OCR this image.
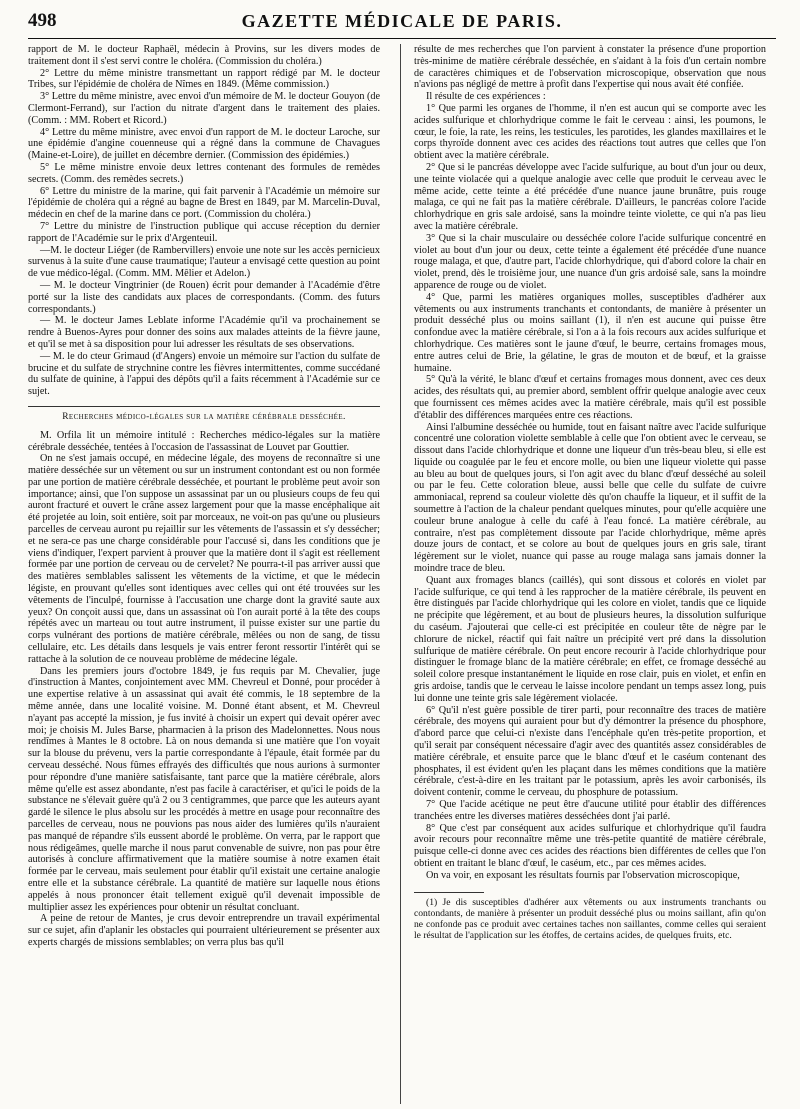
498	GAZETTE MÉDICALE DE PARIS.

rapport de M. le docteur Raphaël, médecin à Provins, sur les divers modes de traitement dont il s'est servi contre le choléra. (Commission du choléra.)

2° Lettre du même ministre transmettant un rapport rédigé par M. le docteur Tribes, sur l'épidémie de choléra de Nîmes en 1849. (Même commission.)

3° Lettre du même ministre, avec envoi d'un mémoire de M. le docteur Gouyon (de Clermont-Ferrand), sur l'action du nitrate d'argent dans le traitement des plaies. (Comm. : MM. Robert et Ricord.)

4° Lettre du même ministre, avec envoi d'un rapport de M. le docteur Laroche, sur une épidémie d'angine couenneuse qui a régné dans la commune de Chavagues (Maine-et-Loire), de juillet en décembre dernier. (Commission des épidémies.)

5° Le même ministre envoie deux lettres contenant des formules de remèdes secrets. (Comm. des remèdes secrets.)

6° Lettre du ministre de la marine, qui fait parvenir à l'Académie un mémoire sur l'épidémie de choléra qui a régné au bagne de Brest en 1849, par M. Marcelin-Duval, médecin en chef de la marine dans ce port. (Commission du choléra.)

7° Lettre du ministre de l'instruction publique qui accuse réception du dernier rapport de l'Académie sur le prix d'Argenteuil.

—M. le docteur Liéger (de Rambervillers) envoie une note sur les accès pernicieux survenus à la suite d'une cause traumatique; l'auteur a envisagé cette question au point de vue médico-légal. (Comm. MM. Mêlier et Adelon.)

— M. le docteur Vingtrinier (de Rouen) écrit pour demander à l'Académie d'être porté sur la liste des candidats aux places de correspondants. (Comm. des futurs correspondants.)

— M. le docteur James Leblate informe l'Académie qu'il va prochainement se rendre à Buenos-Ayres pour donner des soins aux malades atteints de la fièvre jaune, et qu'il se met à sa disposition pour lui adresser les résultats de ses observations.

— M. le do cteur Grimaud (d'Angers) envoie un mémoire sur l'action du sulfate de brucine et du sulfate de strychnine contre les fièvres intermittentes, comme succédané du sulfate de quinine, à l'appui des dépôts qu'il a faits récemment à l'Académie sur ce sujet.

Recherches médico-légales sur la matière cérébrale desséchée.

M. Orfila lit un mémoire intitulé : Recherches médico-légales sur la matière cérébrale desséchée, tentées à l'occasion de l'assassinat de Louvet par Gouttier.

On ne s'est jamais occupé, en médecine légale, des moyens de reconnaître si une matière desséchée sur un vêtement ou sur un instrument contondant est ou non formée par une portion de matière cérébrale desséchée, et pourtant le problème peut avoir son importance; ainsi, que l'on suppose un assassinat par un ou plusieurs coups de feu qui auront fracturé et ouvert le crâne assez largement pour que la masse encéphalique ait été projetée au loin, soit entière, soit par morceaux, ne voit-on pas qu'une ou plusieurs parcelles de cerveau auront pu rejaillir sur les vêtements de l'assassin et s'y dessécher; et ne sera-ce pas une charge considérable pour l'accusé si, dans les conditions que je viens d'indiquer, l'expert parvient à prouver que la matière dont il s'agit est réellement formée par une portion de cerveau ou de cervelet? Ne pourra-t-il pas arriver aussi que des matières semblables salissent les vêtements de la victime, et que le médecin légiste, en prouvant qu'elles sont identiques avec celles qui ont été trouvées sur les vêtements de l'inculpé, fournisse à l'accusation une charge dont la gravité saute aux yeux? On conçoit aussi que, dans un assassinat où l'on aurait porté à la tête des coups répétés avec un marteau ou tout autre instrument, il puisse exister sur une partie du corps vulnérant des portions de matière cérébrale, mêlées ou non de sang, de tissu cellulaire, etc. Les détails dans lesquels je vais entrer feront ressortir l'intérêt qui se rattache à la solution de ce nouveau problème de médecine légale.

Dans les premiers jours d'octobre 1849, je fus requis par M. Chevalier, juge d'instruction à Mantes, conjointement avec MM. Chevreul et Donné, pour procéder à une expertise relative à un assassinat qui avait été commis, le 18 septembre de la même année, dans une localité voisine. M. Donné étant absent, et M. Chevreul n'ayant pas accepté la mission, je fus invité à choisir un expert qui devait opérer avec moi; je choisis M. Jules Barse, pharmacien à la prison des Madelonnettes. Nous nous rendîmes à Mantes le 8 octobre. Là on nous demanda si une matière que l'on voyait sur la blouse du prévenu, vers la partie correspondante à l'épaule, était formée par du cerveau desséché. Nous fûmes effrayés des difficultés que nous aurions à surmonter pour répondre d'une manière satisfaisante, tant parce que la matière cérébrale, alors même qu'elle est assez abondante, n'est pas facile à caractériser, et qu'ici le poids de la substance ne s'élevait guère qu'à 2 ou 3 centigrammes, que parce que les auteurs ayant gardé le silence le plus absolu sur les procédés à mettre en usage pour reconnaître des parcelles de cerveau, nous ne pouvions pas nous aider des lumières qu'ils n'auraient pas manqué de répandre s'ils eussent abordé le problème. On verra, par le rapport que nous rédigeâmes, quelle marche il nous parut convenable de suivre, non pas pour être autorisés à conclure affirmativement que la matière soumise à notre examen était formée par le cerveau, mais seulement pour établir qu'il existait une certaine analogie entre elle et la substance cérébrale. La quantité de matière sur laquelle nous étions appelés à nous prononcer était tellement exiguë qu'il devenait impossible de multiplier assez les expériences pour obtenir un résultat concluant.

A peine de retour de Mantes, je crus devoir entreprendre un travail expérimental sur ce sujet, afin d'aplanir les obstacles qui pourraient ultérieurement se présenter aux experts chargés de missions semblables; on verra plus bas qu'il

résulte de mes recherches que l'on parvient à constater la présence d'une proportion très-minime de matière cérébrale desséchée, en s'aidant à la fois d'un certain nombre de caractères chimiques et de l'observation microscopique, observation que nous n'avions pas négligé de mettre à profit dans l'expertise qui nous avait été confiée.

Il résulte de ces expériences :

1° Que parmi les organes de l'homme, il n'en est aucun qui se comporte avec les acides sulfurique et chlorhydrique comme le fait le cerveau : ainsi, les poumons, le cœur, le foie, la rate, les reins, les testicules, les parotides, les glandes maxillaires et le corps thyroïde donnent avec ces acides des réactions tout autres que celles que l'on obtient avec la matière cérébrale.

2° Que si le pancréas développe avec l'acide sulfurique, au bout d'un jour ou deux, une teinte violacée qui a quelque analogie avec celle que produit le cerveau avec le même acide, cette teinte a été précédée d'une nuance jaune brunâtre, puis rouge malaga, ce qui ne fait pas la matière cérébrale. D'ailleurs, le pancréas colore l'acide chlorhydrique en gris sale ardoisé, sans la moindre teinte violette, ce qui n'a pas lieu avec la matière cérébrale.

3° Que si la chair musculaire ou desséchée colore l'acide sulfurique concentré en violet au bout d'un jour ou deux, cette teinte a également été précédée d'une nuance rouge malaga, et que, d'autre part, l'acide chlorhydrique, qui d'abord colore la chair en violet, prend, dès le troisième jour, une nuance d'un gris ardoisé sale, sans la moindre apparence de rouge ou de violet.

4° Que, parmi les matières organiques molles, susceptibles d'adhérer aux vêtements ou aux instruments tranchants et contondants, de manière à présenter un produit desséché plus ou moins saillant (1), il n'en est aucune qui puisse être confondue avec la matière cérébrale, si l'on a à la fois recours aux acides sulfurique et chlorhydrique. Ces matières sont le jaune d'œuf, le beurre, certains fromages mous, entre autres celui de Brie, la gélatine, le gras de mouton et de bœuf, et la graisse humaine.

5° Qu'à la vérité, le blanc d'œuf et certains fromages mous donnent, avec ces deux acides, des résultats qui, au premier abord, semblent offrir quelque analogie avec ceux que fournissent ces mêmes acides avec la matière cérébrale, mais qu'il est possible d'établir des différences marquées entre ces réactions.

Ainsi l'albumine desséchée ou humide, tout en faisant naître avec l'acide sulfurique concentré une coloration violette semblable à celle que l'on obtient avec le cerveau, se dissout dans l'acide chlorhydrique et donne une liqueur d'un très-beau bleu, si elle est liquide ou coagulée par le feu et encore molle, ou bien une liqueur violette qui passe au bleu au bout de quelques jours, si l'on agit avec du blanc d'œuf desséché au soleil ou par le feu. Cette coloration bleue, aussi belle que celle du sulfate de cuivre ammoniacal, reprend sa couleur violette dès qu'on chauffe la liqueur, et il suffit de la soumettre à l'action de la chaleur pendant quelques minutes, pour qu'elle acquière une couleur brune analogue à celle du café à l'eau foncé. La matière cérébrale, au contraire, n'est pas complètement dissoute par l'acide chlorhydrique, même après douze jours de contact, et se colore au bout de quelques jours en gris sale, tirant légèrement sur le violet, nuance qui passe au rouge malaga sans jamais donner la moindre trace de bleu.

Quant aux fromages blancs (caillés), qui sont dissous et colorés en violet par l'acide sulfurique, ce qui tend à les rapprocher de la matière cérébrale, ils peuvent en être distingués par l'acide chlorhydrique qui les colore en violet, tandis que ce liquide ne précipite que légèrement, et au bout de plusieurs heures, la dissolution sulfurique du caséum. J'ajouterai que celle-ci est précipitée en couleur tête de nègre par le chlorure de nickel, réactif qui fait naître un précipité vert pré dans la dissolution sulfurique de matière cérébrale. On peut encore recourir à l'acide chlorhydrique pour distinguer le fromage blanc de la matière cérébrale; en effet, ce fromage desséché au soleil colore presque instantanément le liquide en rose clair, puis en violet, et enfin en gris ardoise, tandis que le cerveau le laisse incolore pendant un temps assez long, puis lui donne une teinte gris sale légèrement violacée.

6° Qu'il n'est guère possible de tirer parti, pour reconnaître des traces de matière cérébrale, des moyens qui auraient pour but d'y démontrer la présence du phosphore, d'abord parce que celui-ci n'existe dans l'encéphale qu'en très-petite proportion, et qu'il serait par conséquent nécessaire d'agir avec des quantités assez considérables de matière cérébrale, et ensuite parce que le blanc d'œuf et le caséum contenant des phosphates, il est évident qu'en les plaçant dans les mêmes conditions que la matière cérébrale, c'est-à-dire en les traitant par le potassium, après les avoir carbonisés, ils doivent contenir, comme le cerveau, du phosphure de potassium.

7° Que l'acide acétique ne peut être d'aucune utilité pour établir des différences tranchées entre les diverses matières desséchées dont j'ai parlé.

8° Que c'est par conséquent aux acides sulfurique et chlorhydrique qu'il faudra avoir recours pour reconnaître même une très-petite quantité de matière cérébrale, puisque celle-ci donne avec ces acides des réactions bien différentes de celles que l'on obtient en traitant le blanc d'œuf, le caséum, etc., par ces mêmes acides.

On va voir, en exposant les résultats fournis par l'observation microscopique,

(1) Je dis susceptibles d'adhérer aux vêtements ou aux instruments tranchants ou contondants, de manière à présenter un produit desséché plus ou moins saillant, afin qu'on ne confonde pas ce produit avec certaines taches non saillantes, comme celles qui seraient le résultat de l'application sur les étoffes, de certains acides, de quelques fruits, etc.
